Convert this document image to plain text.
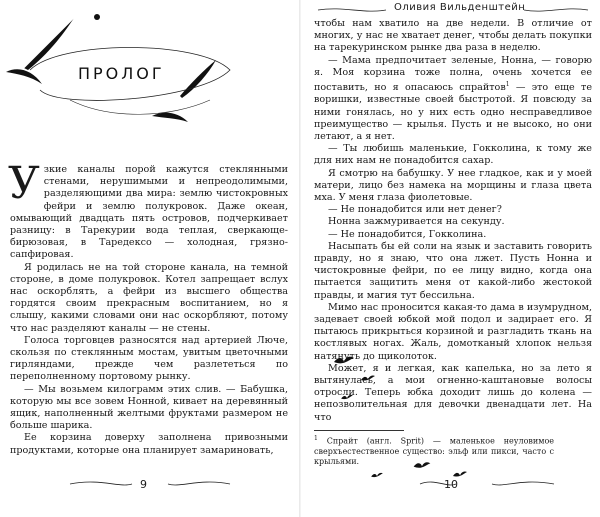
ПРОЛОГ

Узкие каналы порой кажутся стеклянными стенами, нерушимыми и непреодолимыми, разделяющими два мира: землю чистокровных фейри и землю полукровок. Даже океан, омывающий двадцать пять островов, подчеркивает разницу: в Тарекурии вода теплая, сверкающе-бирюзовая, в Таредексо — холодная, грязно-сапфировая.

Я родилась не на той стороне канала, на темной стороне, в доме полукровок. Котел запрещает вслух нас оскорблять, а фейри из высшего общества гордятся своим прекрасным воспитанием, но я слышу, какими словами они нас оскорбляют, потому что нас разделяют каналы — не стены.

Голоса торговцев разносятся над артерией Люче, скользя по стеклянным мостам, увитым цветочными гирляндами, прежде чем разлететься по переполненному портовому рынку.

— Мы возьмем килограмм этих слив. — Бабушка, которую мы все зовем Нонной, кивает на деревянный ящик, наполненный желтыми фруктами размером не больше шарика.

Ее корзина доверху заполнена привозными продуктами, которые она планирует замариновать,

9
Оливия Вильденштейн

чтобы нам хватило на две недели. В отличие от многих, у нас не хватает денег, чтобы делать покупки на тарекуринском рынке два раза в неделю.

— Мама предпочитает зеленые, Нонна, — говорю я. Моя корзина тоже полна, очень хочется ее поставить, но я опасаюсь спрайтов$^1$ — это еще те воришки, известные своей быстротой. Я повсюду за ними гонялась, но у них есть одно несправедливое преимущество — крылья. Пусть и не высоко, но они летают, а я нет.

— Ты любишь маленькие, Гокколина, к тому же для них нам не понадобится сахар.

Я смотрю на бабушку. У нее гладкое, как и у моей матери, лицо без намека на морщины и глаза цвета мха. У меня глаза фиолетовые.

— Не понадобится или нет денег?

Нонна зажмуривается на секунду.

— Не понадобится, Гокколина.

Насыпать бы ей соли на язык и заставить говорить правду, но я знаю, что она лжет. Пусть Нонна и чистокровные фейри, по ее лицу видно, когда она пытается защитить меня от какой-либо жестокой правды, и магия тут бессильна.

Мимо нас проносится какая-то дама в изумрудном, задевает своей юбкой мой подол и задирает его. Я пытаюсь прикрыться корзиной и разгладить ткань на костлявых ногах. Жаль, домотканый хлопок нельзя натянуть до щиколоток.

Может, я и легкая, как капелька, но за лето я вытянулась, а мои огненно-каштановые волосы отросли. Теперь юбка доходит лишь до колена — непозволительная для девочки двенадцати лет. На что

$^1$ Спрайт (англ. Sprit) — маленькое неуловимое сверхъестественное существо: эльф или пикси, часто с крыльями.
10
